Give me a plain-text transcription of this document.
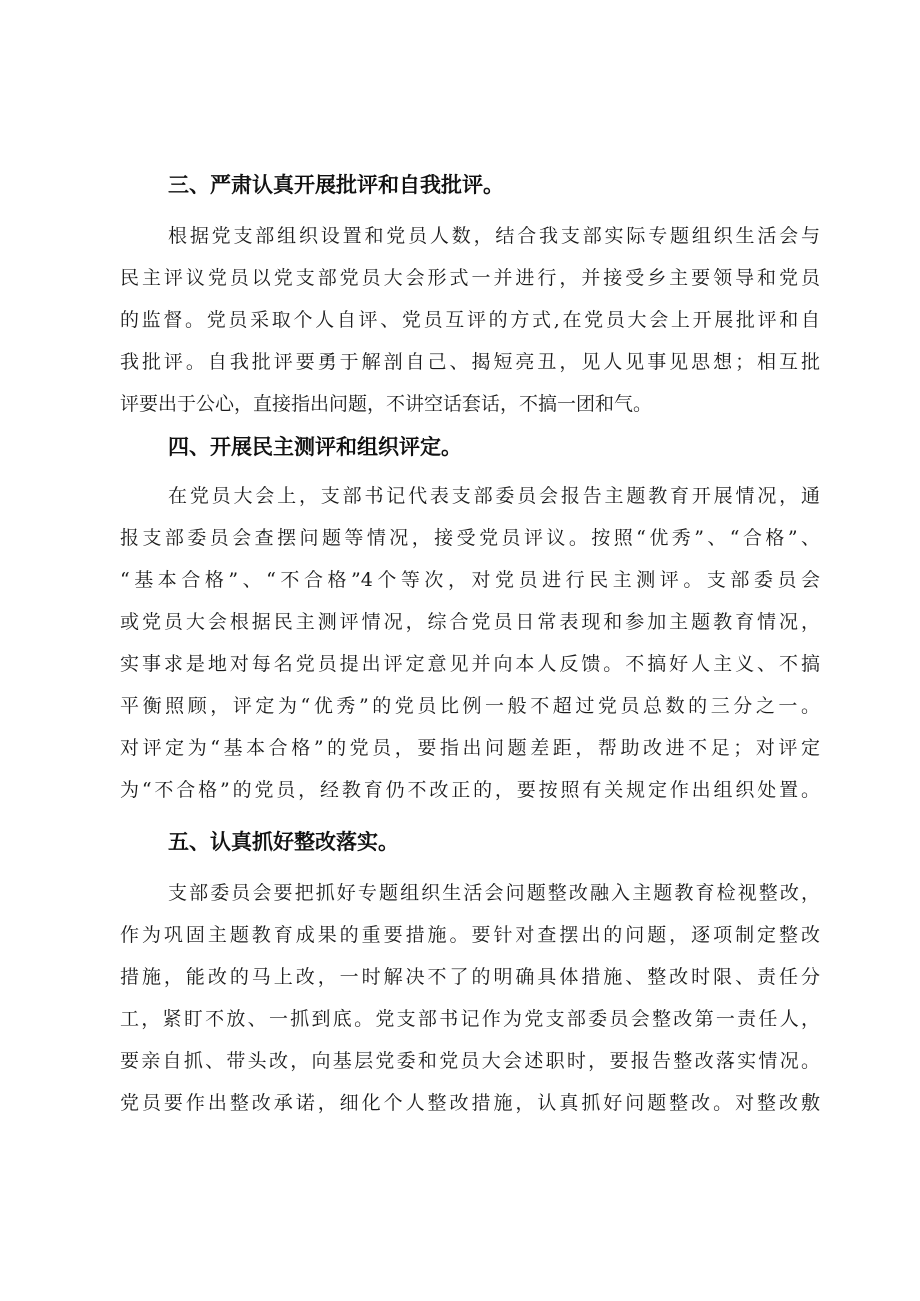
三、严肃认真开展批评和自我批评。
根据党支部组织设置和党员人数，结合我支部实际专题组织生活会与
民主评议党员以党支部党员大会形式一并进行，并接受乡主要领导和党员
的监督。党员采取个人自评、党员互评的方式,在党员大会上开展批评和自
我批评。自我批评要勇于解剖自己、揭短亮丑，见人见事见思想；相互批
评要出于公心，直接指出问题，不讲空话套话，不搞一团和气。
四、开展民主测评和组织评定。
在党员大会上，支部书记代表支部委员会报告主题教育开展情况，通
报支部委员会查摆问题等情况，接受党员评议。按照“优秀”、“合格”、
“基本合格”、“不合格”4个等次，对党员进行民主测评。支部委员会
或党员大会根据民主测评情况，综合党员日常表现和参加主题教育情况，
实事求是地对每名党员提出评定意见并向本人反馈。不搞好人主义、不搞
平衡照顾，评定为“优秀”的党员比例一般不超过党员总数的三分之一。
对评定为“基本合格”的党员，要指出问题差距，帮助改进不足；对评定
为“不合格”的党员，经教育仍不改正的，要按照有关规定作出组织处置。
五、认真抓好整改落实。
支部委员会要把抓好专题组织生活会问题整改融入主题教育检视整改，
作为巩固主题教育成果的重要措施。要针对查摆出的问题，逐项制定整改
措施，能改的马上改，一时解决不了的明确具体措施、整改时限、责任分
工，紧盯不放、一抓到底。党支部书记作为党支部委员会整改第一责任人，
要亲自抓、带头改，向基层党委和党员大会述职时，要报告整改落实情况。
党员要作出整改承诺，细化个人整改措施，认真抓好问题整改。对整改敷
